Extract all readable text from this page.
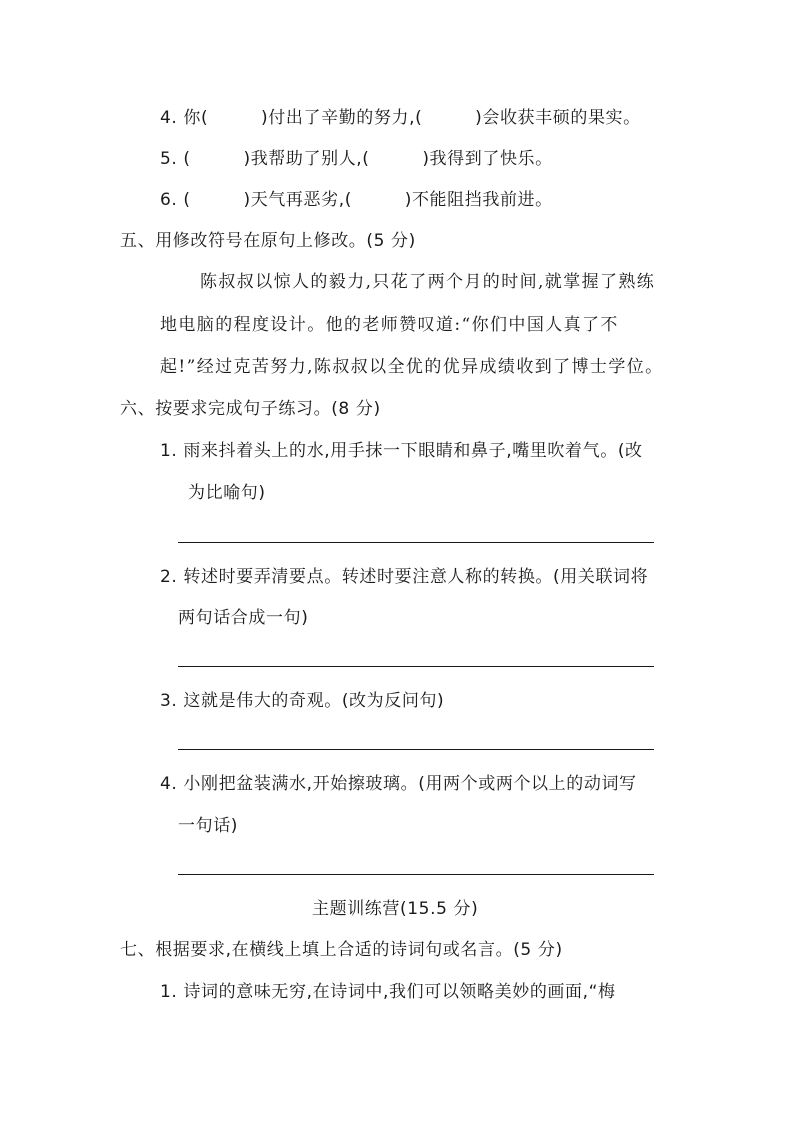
4. 你(　　　)付出了辛勤的努力,(　　　)会收获丰硕的果实。
5. (　　　)我帮助了别人,(　　　)我得到了快乐。
6. (　　　)天气再恶劣,(　　　)不能阻挡我前进。
五、用修改符号在原句上修改。(5 分)
陈叔叔以惊人的毅力,只花了两个月的时间,就掌握了熟练
地电脑的程度设计。他的老师赞叹道:“你们中国人真了不
起!”经过克苦努力,陈叔叔以全优的优异成绩收到了博士学位。
六、按要求完成句子练习。(8 分)
1. 雨来抖着头上的水,用手抹一下眼睛和鼻子,嘴里吹着气。(改
为比喻句)
2. 转述时要弄清要点。转述时要注意人称的转换。(用关联词将
两句话合成一句)
3. 这就是伟大的奇观。(改为反问句)
4. 小刚把盆装满水,开始擦玻璃。(用两个或两个以上的动词写
一句话)
主题训练营(15.5 分)
七、根据要求,在横线上填上合适的诗词句或名言。(5 分)
1. 诗词的意味无穷,在诗词中,我们可以领略美妙的画面,“梅
